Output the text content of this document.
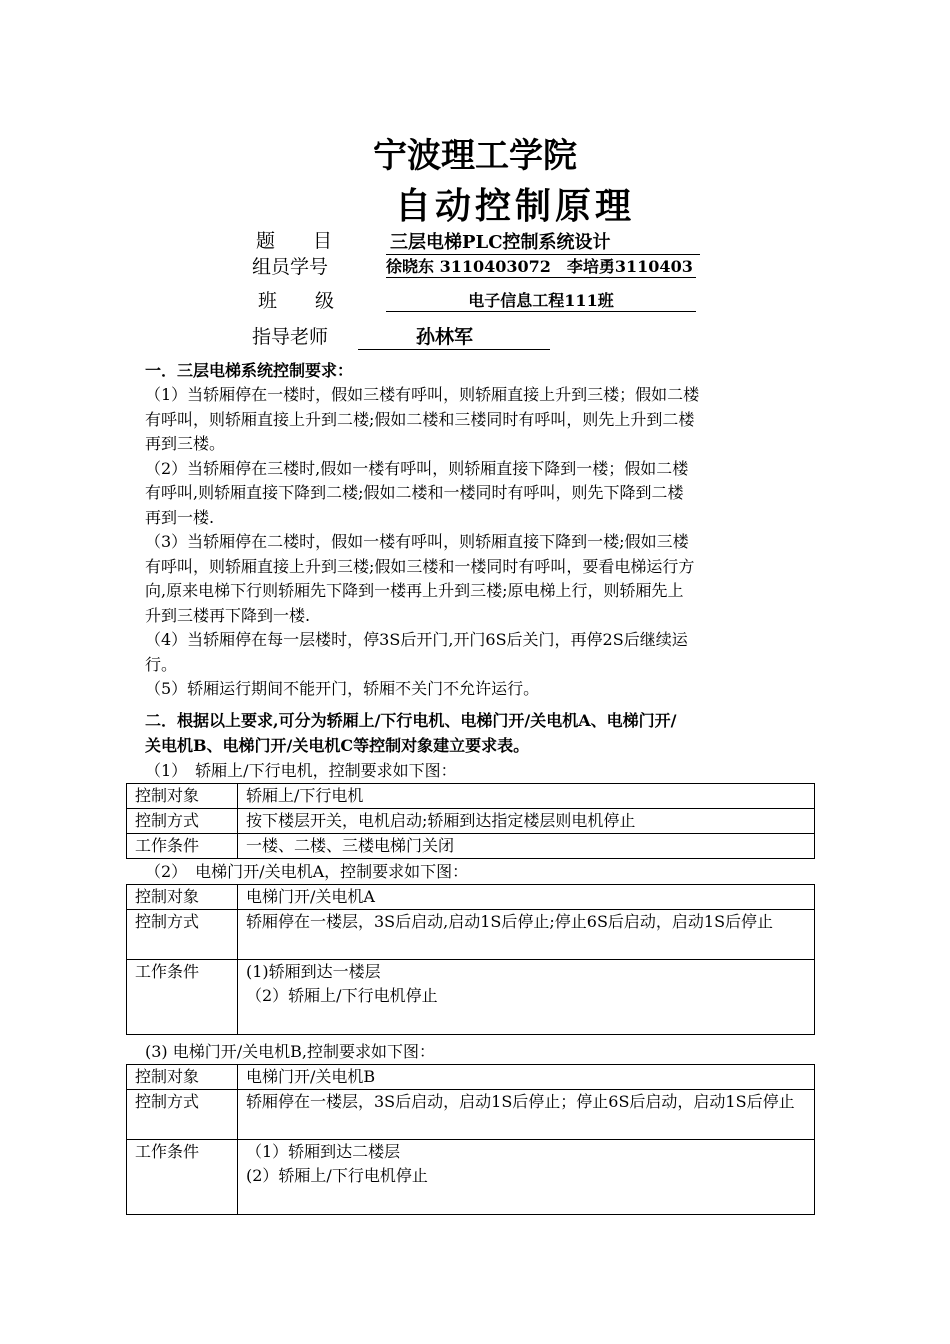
宁波理工学院
自动控制原理
题　　目	三层电梯PLC控制系统设计
组员学号	徐晓东 3110403072　李培勇3110403
班　　级	电子信息工程111班
指导老师	孙林军
一．三层电梯系统控制要求：
（1）当轿厢停在一楼时，假如三楼有呼叫，则轿厢直接上升到三楼；假如二楼
有呼叫，则轿厢直接上升到二楼;假如二楼和三楼同时有呼叫，则先上升到二楼
再到三楼。
（2）当轿厢停在三楼时,假如一楼有呼叫，则轿厢直接下降到一楼；假如二楼
有呼叫,则轿厢直接下降到二楼;假如二楼和一楼同时有呼叫，则先下降到二楼
再到一楼.
（3）当轿厢停在二楼时，假如一楼有呼叫，则轿厢直接下降到一楼;假如三楼
有呼叫，则轿厢直接上升到三楼;假如三楼和一楼同时有呼叫，要看电梯运行方
向,原来电梯下行则轿厢先下降到一楼再上升到三楼;原电梯上行，则轿厢先上
升到三楼再下降到一楼.
（4）当轿厢停在每一层楼时，停3S后开门,开门6S后关门，再停2S后继续运
行。
（5）轿厢运行期间不能开门，轿厢不关门不允许运行。
二．根据以上要求,可分为轿厢上/下行电机、电梯门开/关电机A、电梯门开/
关电机B、电梯门开/关电机C等控制对象建立要求表。
（1）　轿厢上/下行电机，控制要求如下图：
控制对象	轿厢上/下行电机
控制方式	按下楼层开关，电机启动;轿厢到达指定楼层则电机停止
工作条件	一楼、二楼、三楼电梯门关闭
（2）　电梯门开/关电机A，控制要求如下图：
控制对象	电梯门开/关电机A
控制方式	轿厢停在一楼层，3S后启动,启动1S后停止;停止6S后启动，启动1S后停止
工作条件	(1)轿厢到达一楼层
（2）轿厢上/下行电机停止
(3) 电梯门开/关电机B,控制要求如下图：
控制对象	电梯门开/关电机B
控制方式	轿厢停在一楼层，3S后启动，启动1S后停止；停止6S后启动，启动1S后停止
工作条件	（1）轿厢到达二楼层
(2）轿厢上/下行电机停止
